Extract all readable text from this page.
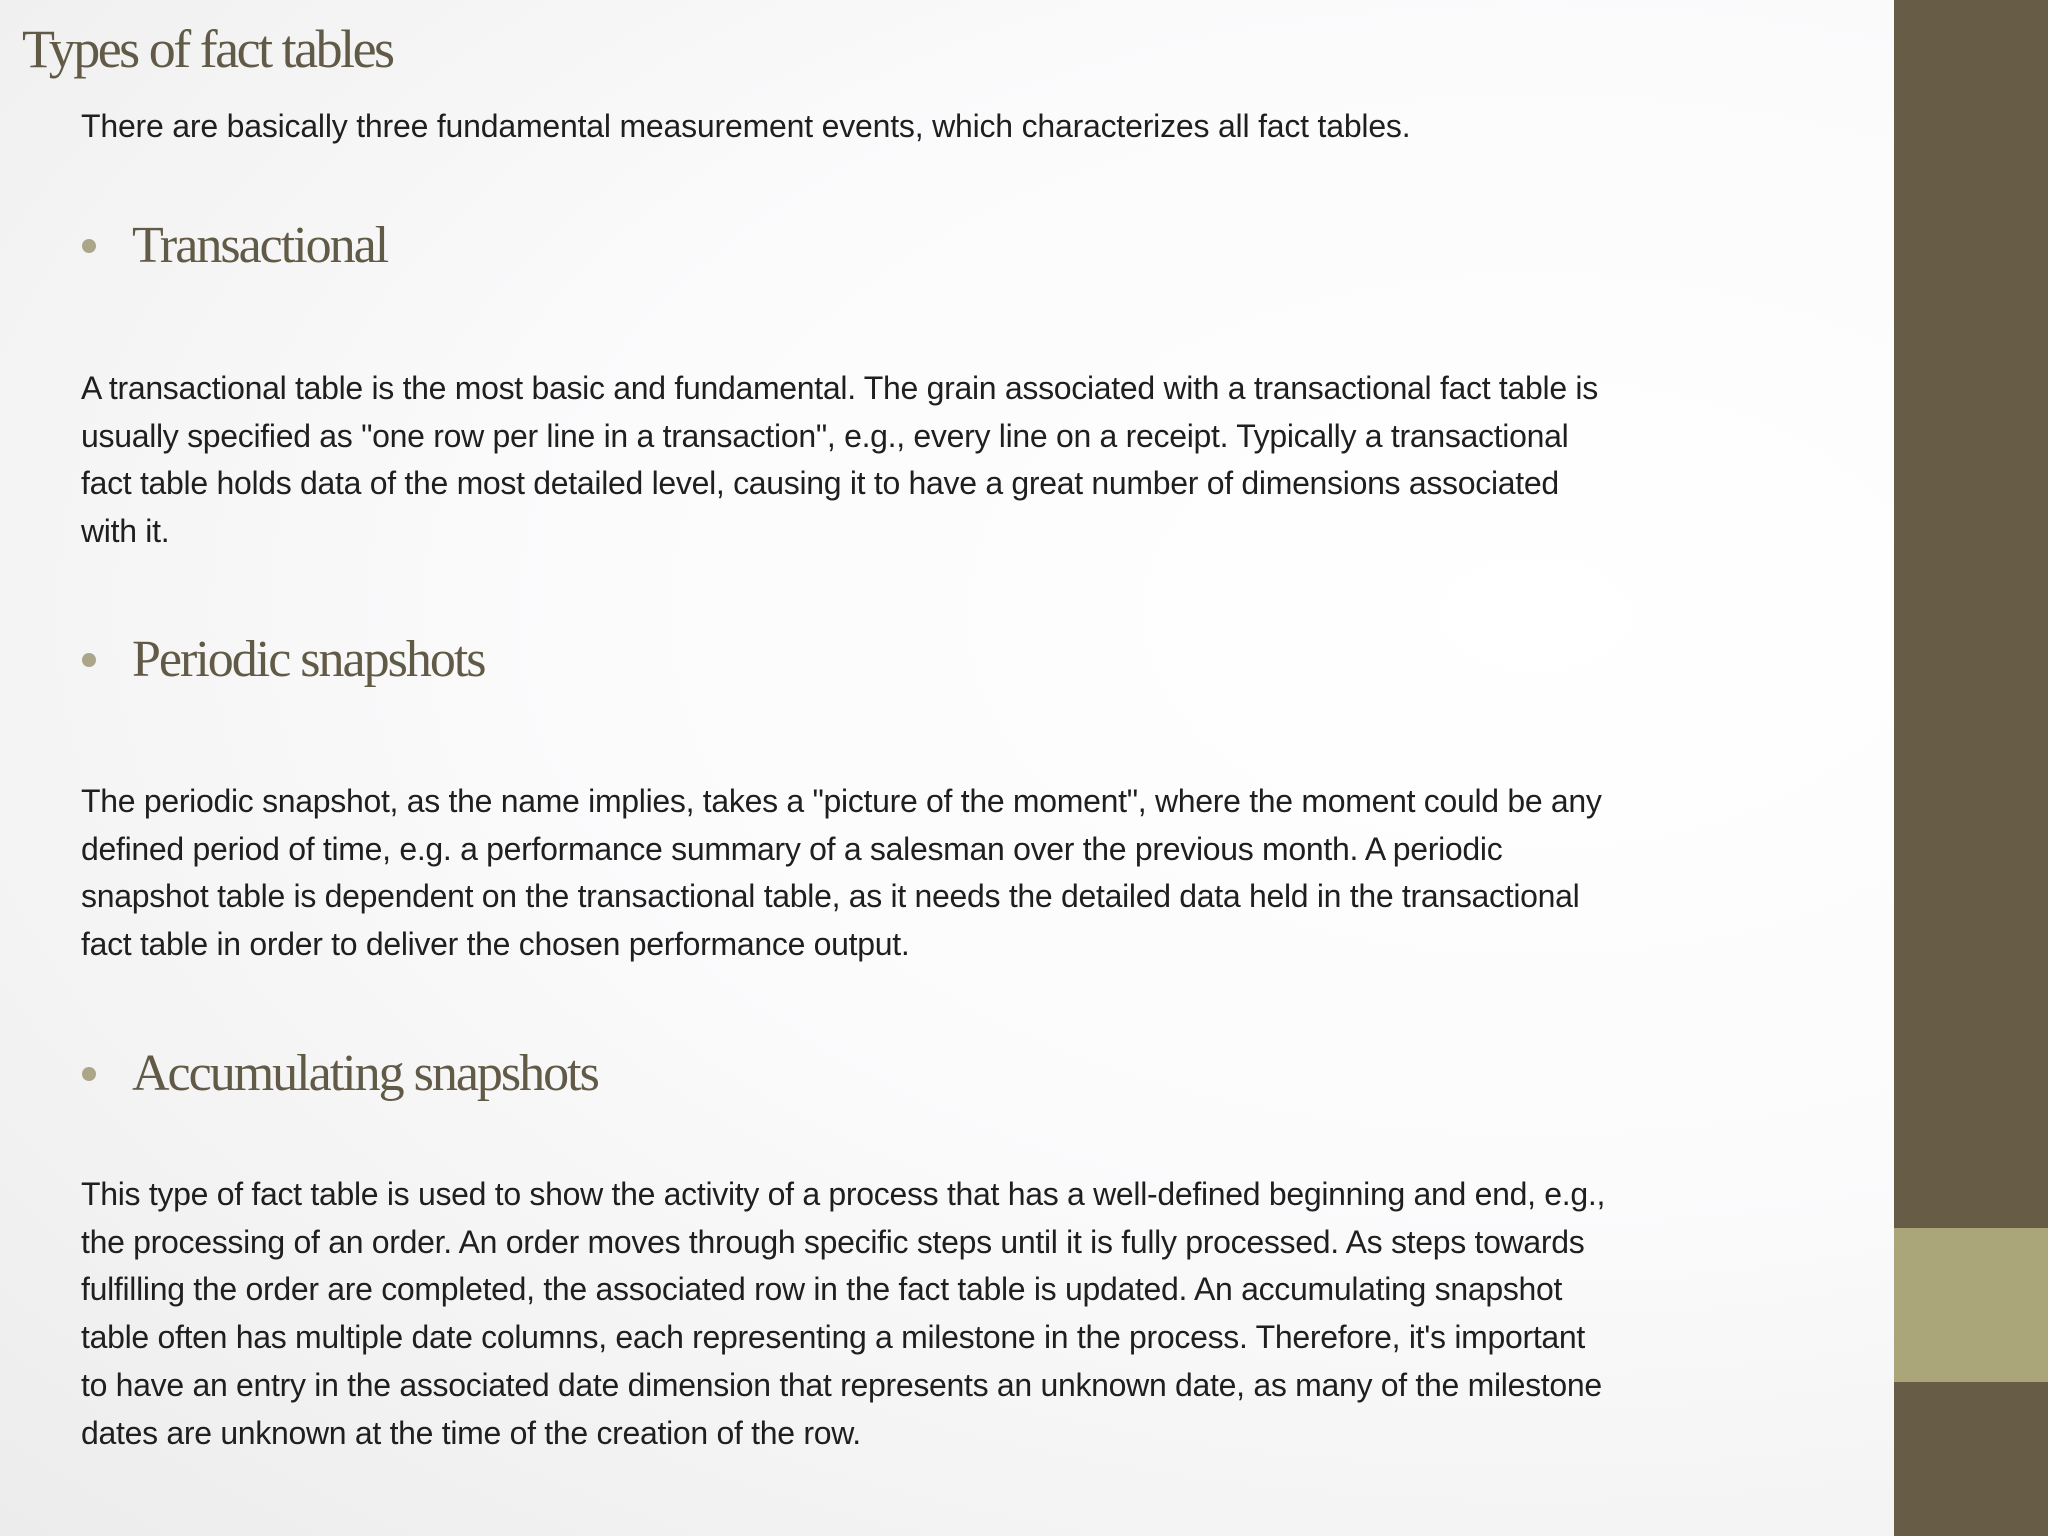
Types of fact tables
There are basically three fundamental measurement events, which characterizes all fact tables.
Transactional
A transactional table is the most basic and fundamental. The grain associated with a transactional fact table is
usually specified as "one row per line in a transaction", e.g., every line on a receipt. Typically a transactional
fact table holds data of the most detailed level, causing it to have a great number of dimensions associated
with it.
Periodic snapshots
The periodic snapshot, as the name implies, takes a "picture of the moment", where the moment could be any
defined period of time, e.g. a performance summary of a salesman over the previous month. A periodic
snapshot table is dependent on the transactional table, as it needs the detailed data held in the transactional
fact table in order to deliver the chosen performance output.
Accumulating snapshots
This type of fact table is used to show the activity of a process that has a well-defined beginning and end, e.g.,
the processing of an order. An order moves through specific steps until it is fully processed. As steps towards
fulfilling the order are completed, the associated row in the fact table is updated. An accumulating snapshot
table often has multiple date columns, each representing a milestone in the process. Therefore, it's important
to have an entry in the associated date dimension that represents an unknown date, as many of the milestone
dates are unknown at the time of the creation of the row.
